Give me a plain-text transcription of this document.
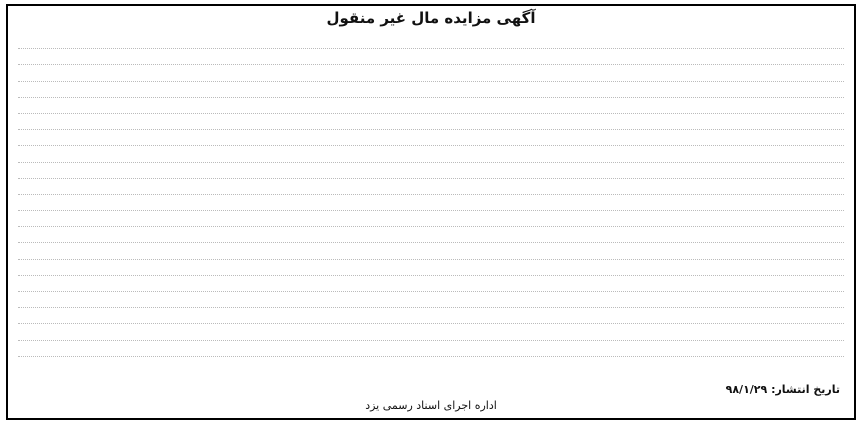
آگهی مزایده مال غیر منقول
تاریخ انتشار: ۹۸/۱/۲۹
اداره اجرای اسناد رسمی یزد
